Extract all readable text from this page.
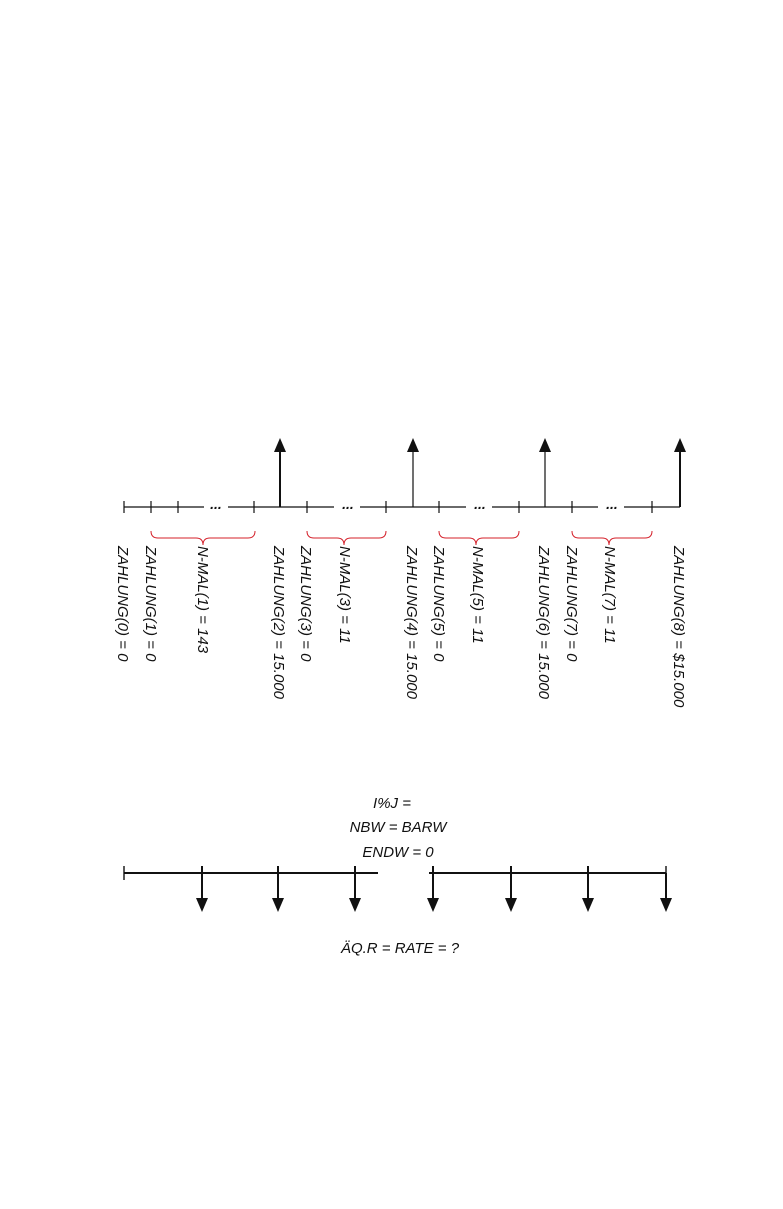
...	...	...	...
ZAHLUNG(0) = 0 ZAHLUNG(1) = 0 N-MAL(1) = 143	ZAHLUNG(2) = 15.000 ZAHLUNG(3) = 0 N-MAL(3) = 11	ZAHLUNG(4) = 15.000 ZAHLUNG(5) = 0 N-MAL(5) = 11	ZAHLUNG(6) = 15.000 ZAHLUNG(7) = 0 N-MAL(7) = 11	ZAHLUNG(8) = $15.000
I%J =
NBW = BARW
ENDW = 0
ÄQ.R = RATE = ?
